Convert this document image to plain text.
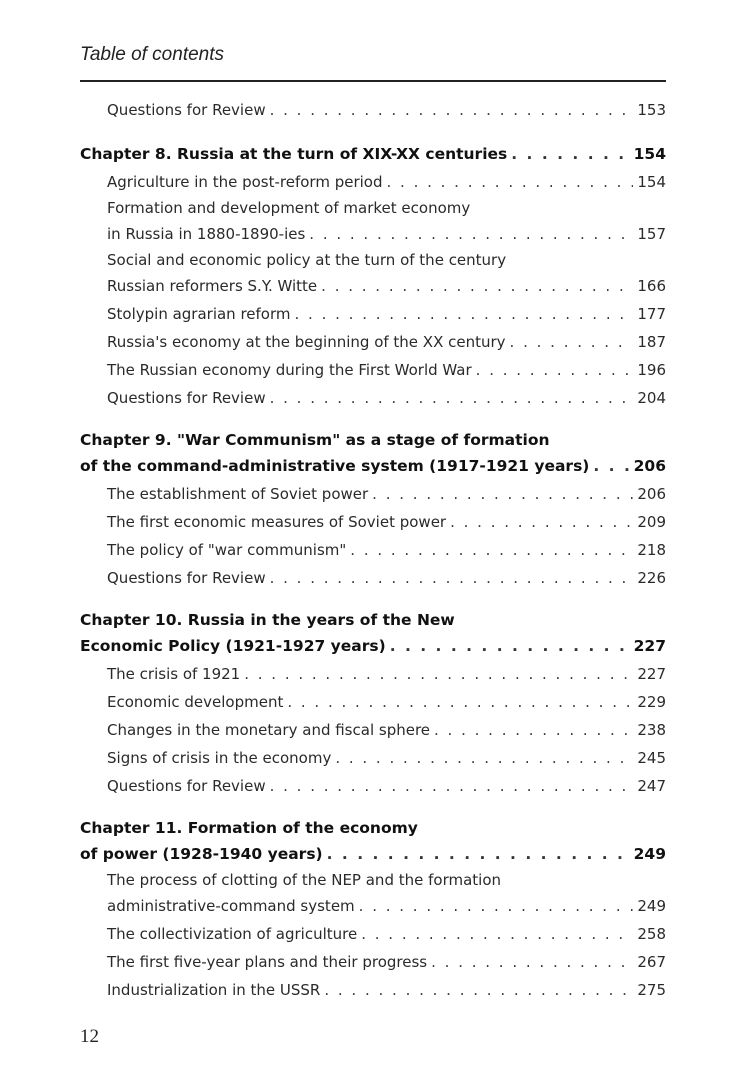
Table of contents
Questions for Review . . .	153
Chapter 8. Russia at the turn of XIX-XX centuries . . .	154
Agriculture in the post-reform period . . .	154
Formation and development of market economy
in Russia in 1880-1890-ies . . .	157
Social and economic policy at the turn of the century
Russian reformers S.Y. Witte . . .	166
Stolypin agrarian reform . . .	177
Russia's economy at the beginning of the XX century . . .	187
The Russian economy during the First World War . . .	196
Questions for Review . . .	204
Chapter 9. "War Communism" as a stage of formation
of the command-administrative system (1917-1921 years) . . .	206
The establishment of Soviet power . . .	206
The first economic measures of Soviet power . . .	209
The policy of "war communism" . . .	218
Questions for Review . . .	226
Chapter 10. Russia in the years of the New
Economic Policy (1921-1927 years) . . .	227
The crisis of 1921 . . .	227
Economic development . . .	229
Changes in the monetary and fiscal sphere . . .	238
Signs of crisis in the economy . . .	245
Questions for Review . . .	247
Chapter 11. Formation of the economy
of power (1928-1940 years) . . .	249
The process of clotting of the NEP and the formation
administrative-command system . . .	249
The collectivization of agriculture . . .	258
The first five-year plans and their progress . . .	267
Industrialization in the USSR . . .	275
12
